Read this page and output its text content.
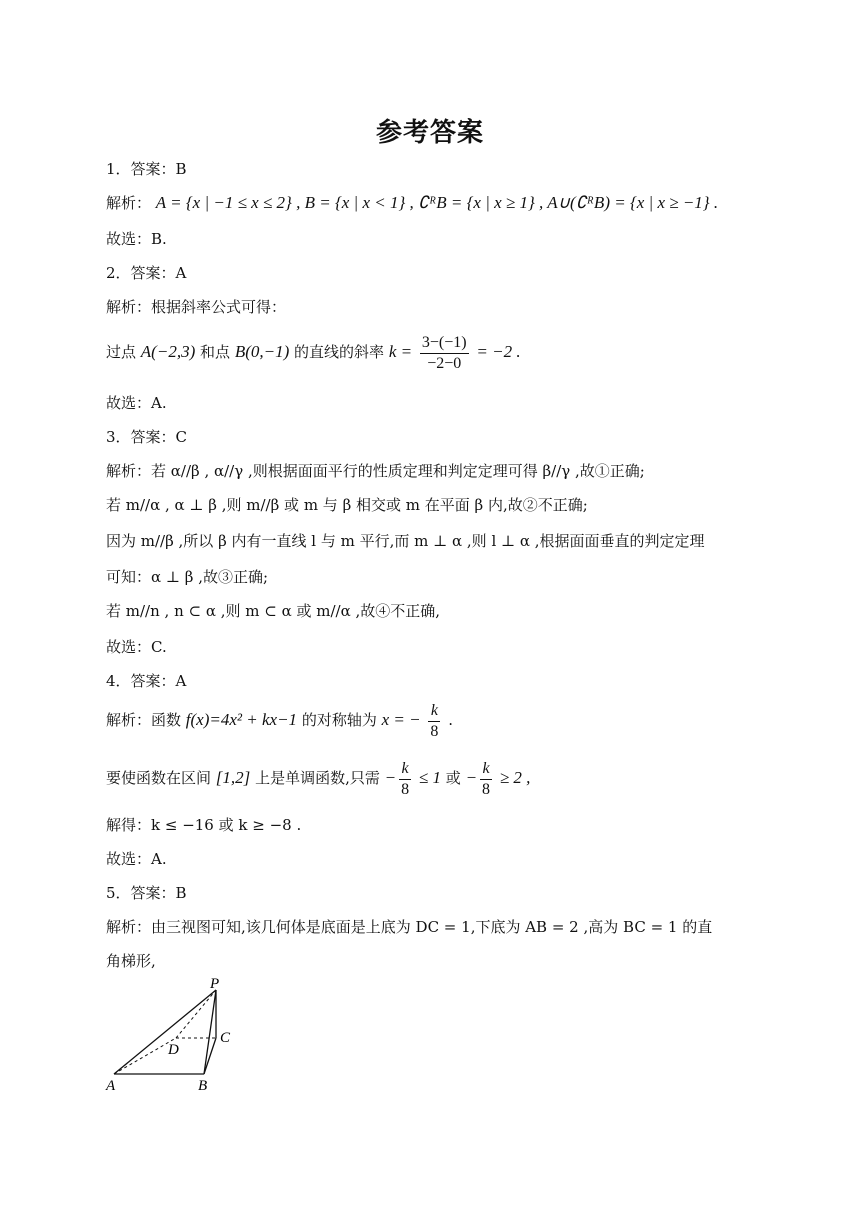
参考答案
1．答案：B
解析： A = {x | −1 ≤ x ≤ 2} , B = {x | x < 1} , ∁ᴿB = {x | x ≥ 1} , A∪(∁ᴿB) = {x | x ≥ −1} .
故选：B.
2．答案：A
解析：根据斜率公式可得：
过点 A(−2,3) 和点 B(0,−1) 的直线的斜率 $k = \frac{3-(-1)}{-2-0} = -2$ .
故选：A.
3．答案：C
解析：若 α//β , α//γ ,则根据面面平行的性质定理和判定定理可得 β//γ ,故①正确;
若 m//α , α ⊥ β ,则 m//β 或 m 与 β 相交或 m 在平面 β 内,故②不正确;
因为 m//β ,所以 β 内有一直线 l 与 m 平行,而 m ⊥ α ,则 l ⊥ α ,根据面面垂直的判定定理
可知：α ⊥ β ,故③正确;
若 m//n , n ⊂ α ,则 m ⊂ α 或 m//α ,故④不正确,
故选：C.
4．答案：A
解析：函数 f(x)=4x² + kx−1 的对称轴为 x = − $\frac{k}{8}$ .
要使函数在区间 [1,2] 上是单调函数,只需 − $\frac{k}{8} \le 1$ 或 − $\frac{k}{8} \ge 2$ ,
解得：k ≤ −16 或 k ≥ −8 .
故选：A.
5．答案：B
解析：由三视图可知,该几何体是底面是上底为 DC = 1,下底为 AB = 2 ,高为 BC = 1 的直
角梯形,
P
C
D
A	B
